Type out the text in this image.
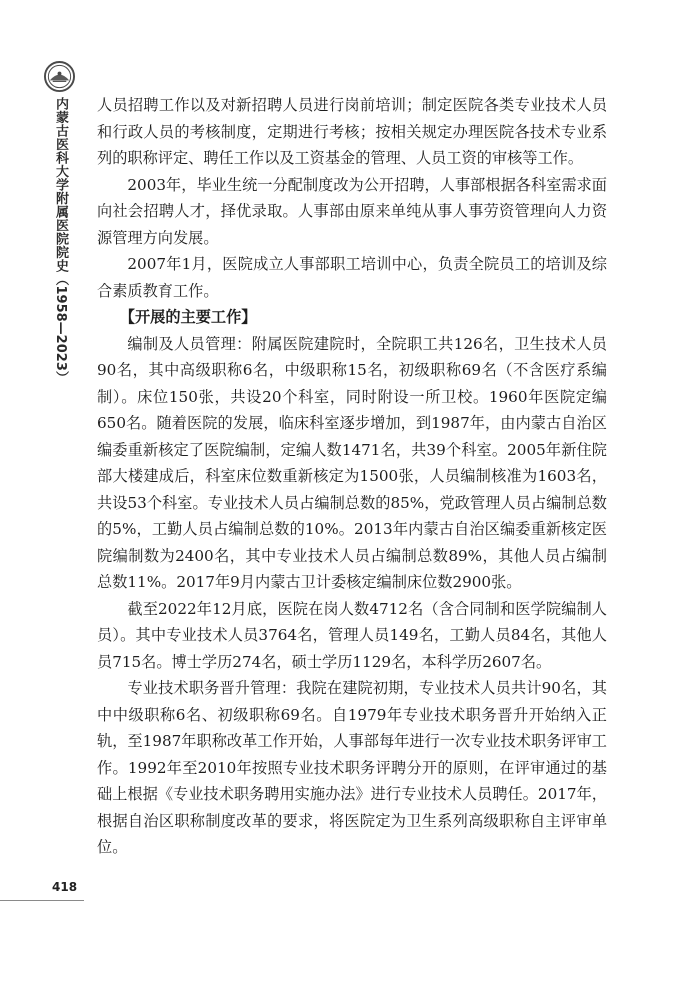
内蒙古医科大学附属医院院史（1958—2023）
418

人员招聘工作以及对新招聘人员进行岗前培训；制定医院各类专业技术人员和行政人员的考核制度，定期进行考核；按相关规定办理医院各技术专业系列的职称评定、聘任工作以及工资基金的管理、人员工资的审核等工作。

2003年，毕业生统一分配制度改为公开招聘，人事部根据各科室需求面向社会招聘人才，择优录取。人事部由原来单纯从事人事劳资管理向人力资源管理方向发展。

2007年1月，医院成立人事部职工培训中心，负责全院员工的培训及综合素质教育工作。

【开展的主要工作】

编制及人员管理：附属医院建院时，全院职工共126名，卫生技术人员90名，其中高级职称6名，中级职称15名，初级职称69名（不含医疗系编制）。床位150张，共设20个科室，同时附设一所卫校。1960年医院定编650名。随着医院的发展，临床科室逐步增加，到1987年，由内蒙古自治区编委重新核定了医院编制，定编人数1471名，共39个科室。2005年新住院部大楼建成后，科室床位数重新核定为1500张，人员编制核准为1603名，共设53个科室。专业技术人员占编制总数的85%，党政管理人员占编制总数的5%，工勤人员占编制总数的10%。2013年内蒙古自治区编委重新核定医院编制数为2400名，其中专业技术人员占编制总数89%，其他人员占编制总数11%。2017年9月内蒙古卫计委核定编制床位数2900张。

截至2022年12月底，医院在岗人数4712名（含合同制和医学院编制人员）。其中专业技术人员3764名，管理人员149名，工勤人员84名，其他人员715名。博士学历274名，硕士学历1129名，本科学历2607名。

专业技术职务晋升管理：我院在建院初期，专业技术人员共计90名，其中中级职称6名、初级职称69名。自1979年专业技术职务晋升开始纳入正轨，至1987年职称改革工作开始，人事部每年进行一次专业技术职务评审工作。1992年至2010年按照专业技术职务评聘分开的原则，在评审通过的基础上根据《专业技术职务聘用实施办法》进行专业技术人员聘任。2017年，根据自治区职称制度改革的要求，将医院定为卫生系列高级职称自主评审单位。
